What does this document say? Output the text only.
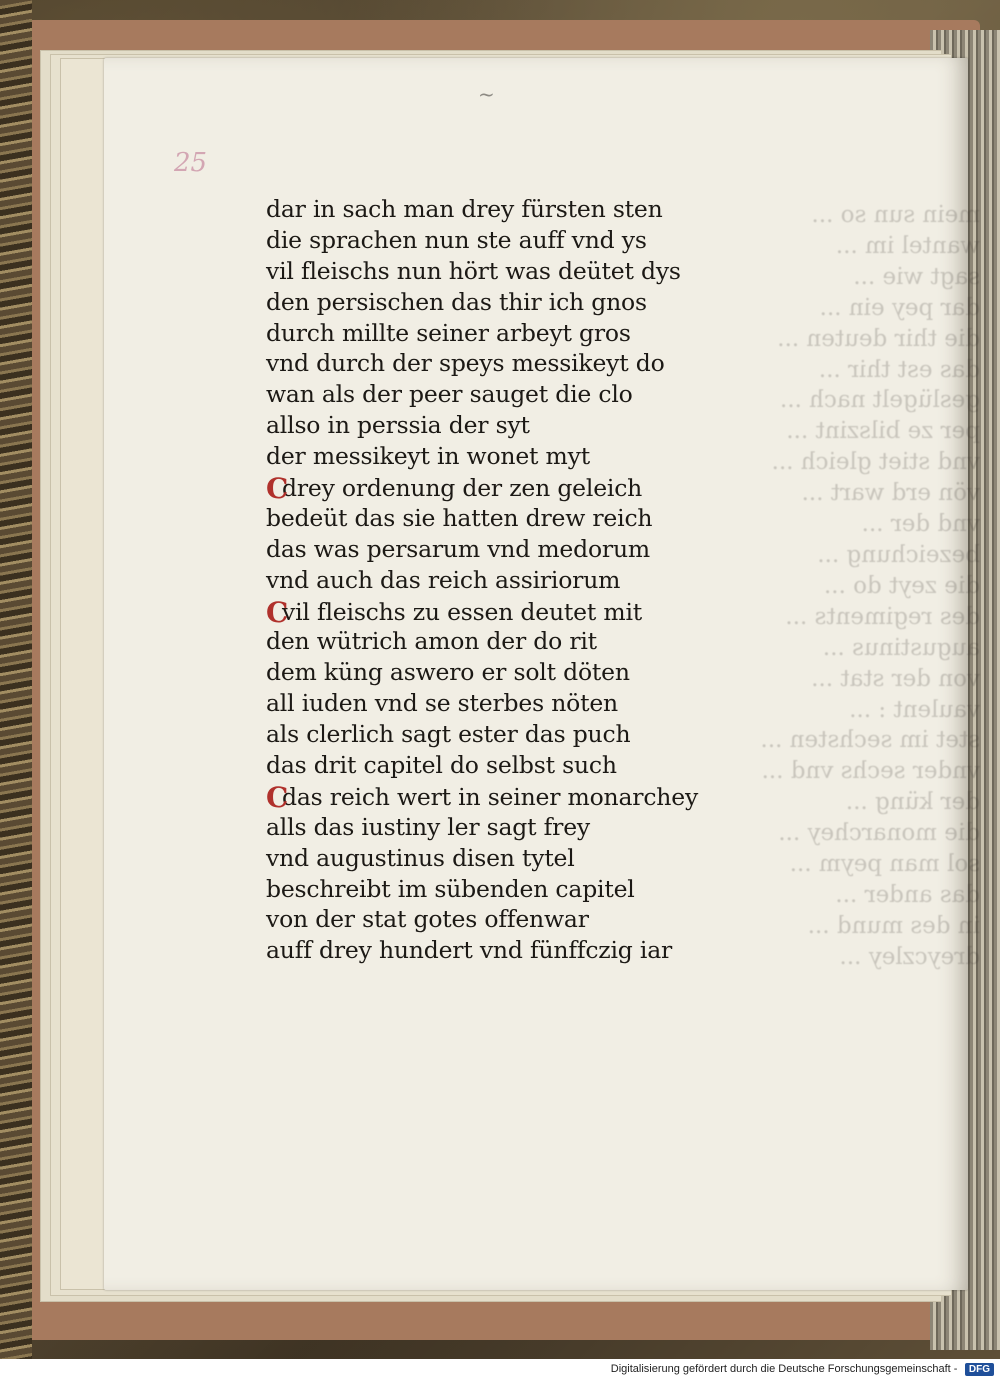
mein sun so ...
wantel im ...
sagt wie ...
dar pey ein ...
die thir deuten ...
das est thir ...
geslügelt nach ...
per ze bilszint ...
vnd stiet gleich ...
vön erd wart ...
vnd der ...
bezeichung ...
die zeyt do ...
des regiments ...
augustinus ...
von der stat ...
vaulent : ...
stet im sechsten ...
vnder sechs vnd ...
der küng ...
die monarchey ...
sol man peym ...
das ander ...
in des mund ...
dreyczley ...
25
~
dar in sach man drey fürsten sten
die sprachen nun ste auff vnd ys
vil fleischs nun hört was deütet dys
den persischen das thir ich gnos
durch millte seiner arbeyt gros
vnd durch der speys messikeyt do
wan als der peer sauget die clo
allso in perssia der syt
der messikeyt in wonet myt
Cdrey ordenung der zen geleich
bedeüt das sie hatten drew reich
das was persarum vnd medorum
vnd auch das reich assiriorum
Cvil fleischs zu essen deutet mit
den wütrich amon der do rit
dem küng aswero er solt döten
all iuden vnd se sterbes nöten
als clerlich sagt ester das puch
das drit capitel do selbst such
Cdas reich wert in seiner monarchey
alls das iustiny ler sagt frey
vnd augustinus disen tytel
beschreibt im sübenden capitel
von der stat gotes offenwar
auff drey hundert vnd fünffczig iar
Digitalisierung gefördert durch die Deutsche Forschungsgemeinschaft - DFG
